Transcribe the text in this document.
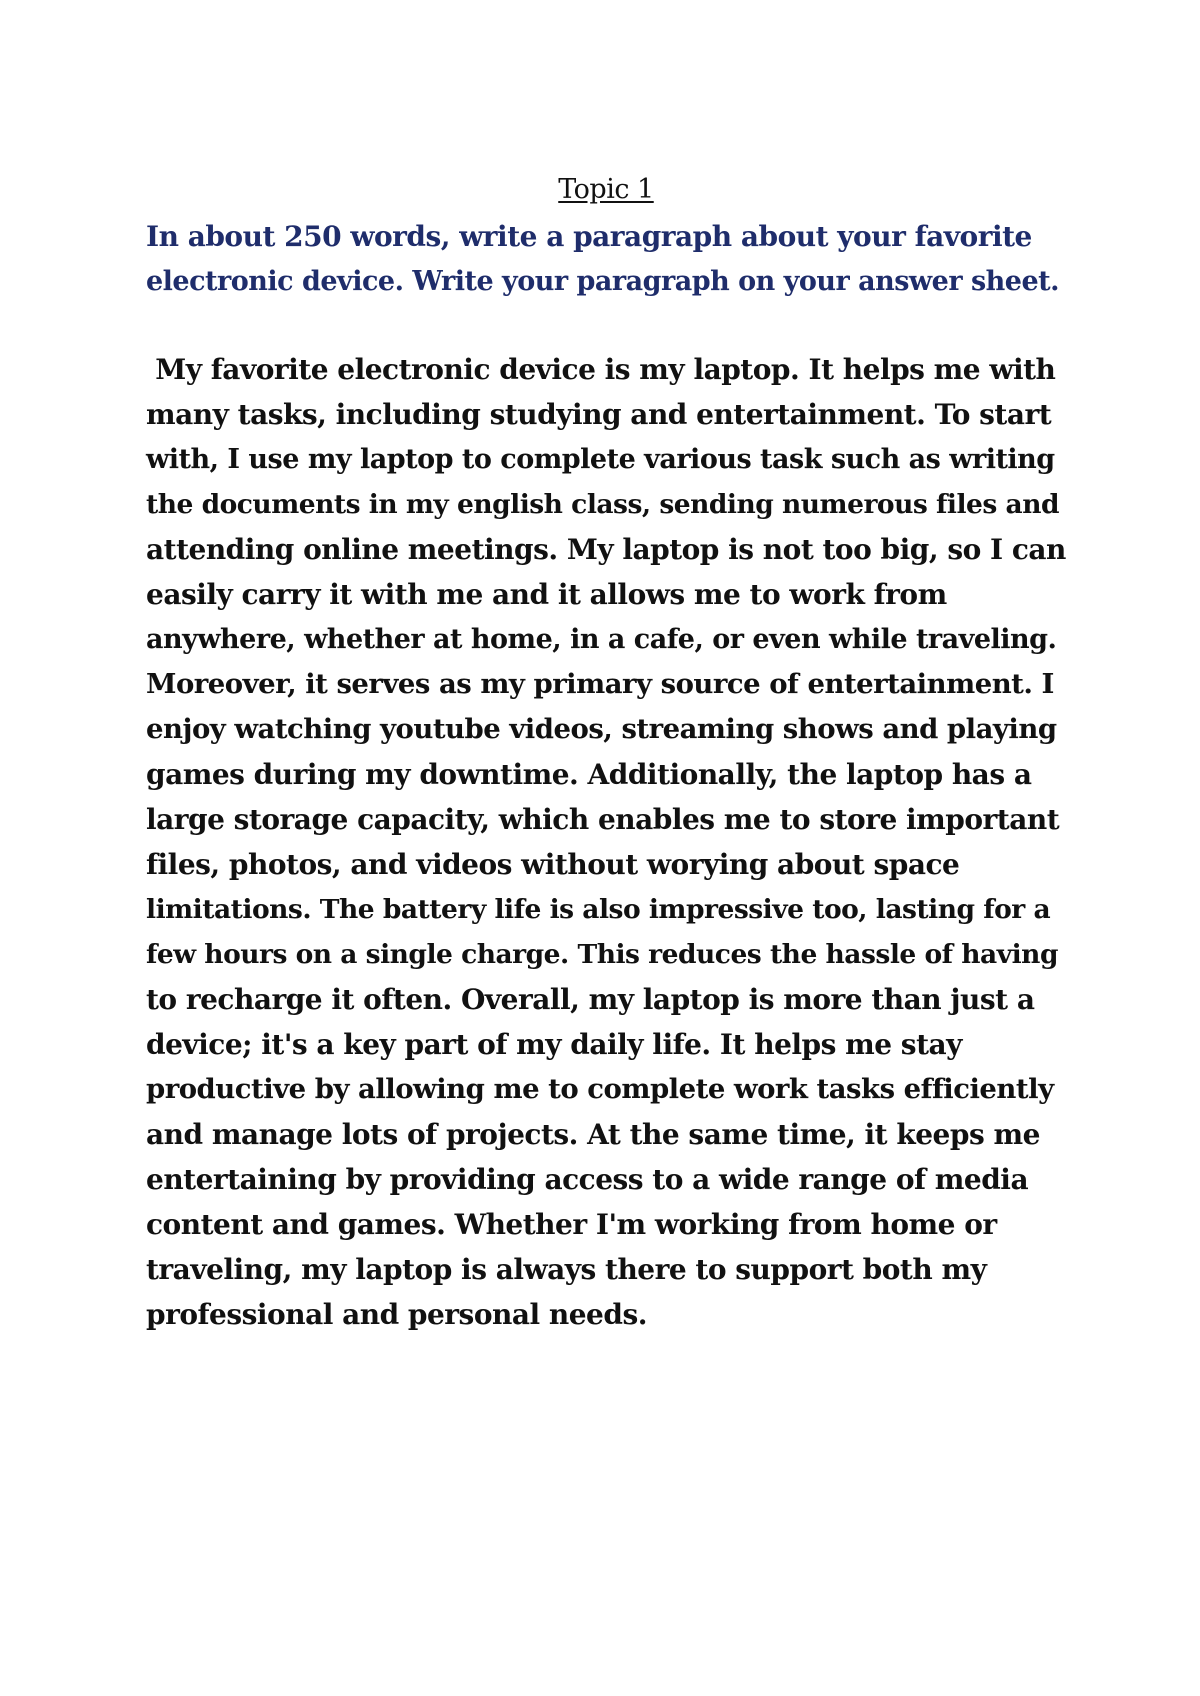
Topic 1
In about 250 words, write a paragraph about your favorite
electronic device. Write your paragraph on your answer sheet.
My favorite electronic device is my laptop. It helps me with
many tasks, including studying and entertainment. To start
with, I use my laptop to complete various task such as writing
the documents in my english class, sending numerous files and
attending online meetings. My laptop is not too big, so I can
easily carry it with me and it allows me to work from
anywhere, whether at home, in a cafe, or even while traveling.
Moreover, it serves as my primary source of entertainment. I
enjoy watching youtube videos, streaming shows and playing
games during my downtime. Additionally, the laptop has a
large storage capacity, which enables me to store important
files, photos, and videos without worying about space
limitations. The battery life is also impressive too, lasting for a
few hours on a single charge. This reduces the hassle of having
to recharge it often. Overall, my laptop is more than just a
device; it's a key part of my daily life. It helps me stay
productive by allowing me to complete work tasks efficiently
and manage lots of projects. At the same time, it keeps me
entertaining by providing access to a wide range of media
content and games. Whether I'm working from home or
traveling, my laptop is always there to support both my
professional and personal needs.
